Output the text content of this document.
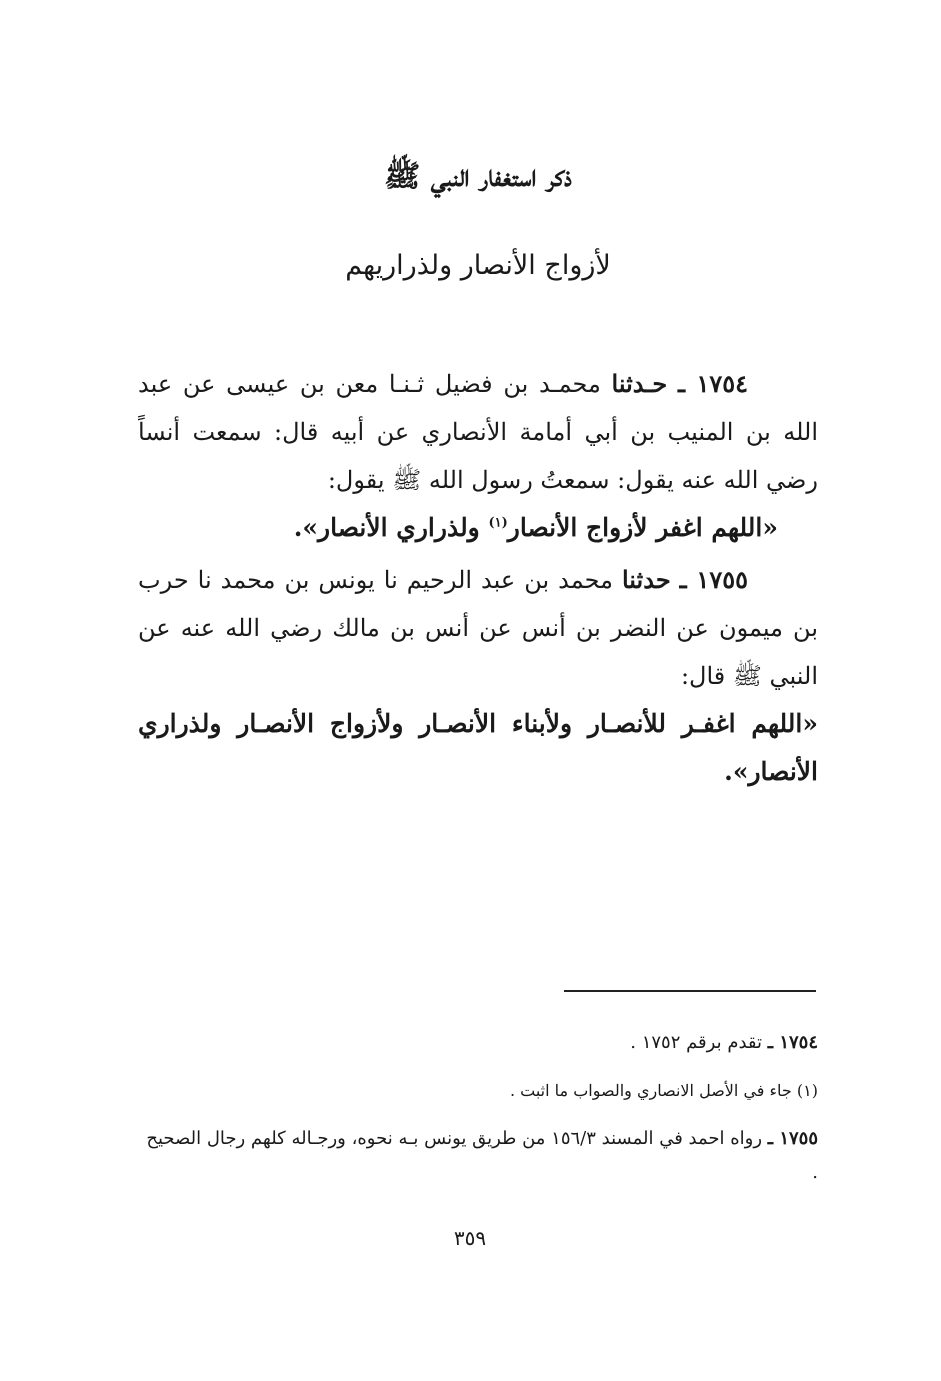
ذكر استغفار النبي ﷺ
لأزواج الأنصار ولذراريهم

١٧٥٤ ـ حـدثنا محمـد بن فضيل ثـنـا معن بن عيسى عن عبد الله بن المنيب بن أبي أمامة الأنصاري عن أبيه قال: سمعت أنساً رضي الله عنه يقول: سمعتُ رسول الله ﷺ يقول:

«اللهم اغفر لأزواج الأنصار$^{(١)}$ ولذراري الأنصار».

١٧٥٥ ـ حدثنا محمد بن عبد الرحيم نا يونس بن محمد نا حرب بن ميمون عن النضر بن أنس عن أنس بن مالك رضي الله عنه عن النبي ﷺ قال:

«اللهم اغفـر للأنصـار ولأبناء الأنصـار ولأزواج الأنصـار ولذراري الأنصار».

١٧٥٤ ـ تقدم برقم ١٧٥٢ .

(١) جاء في الأصل الانصاري والصواب ما اثبت .

١٧٥٥ ـ رواه احمد في المسند ١٥٦/٣ من طريق يونس بـه نحوه، ورجـاله كلهم رجال الصحيح .

٣٥٩
